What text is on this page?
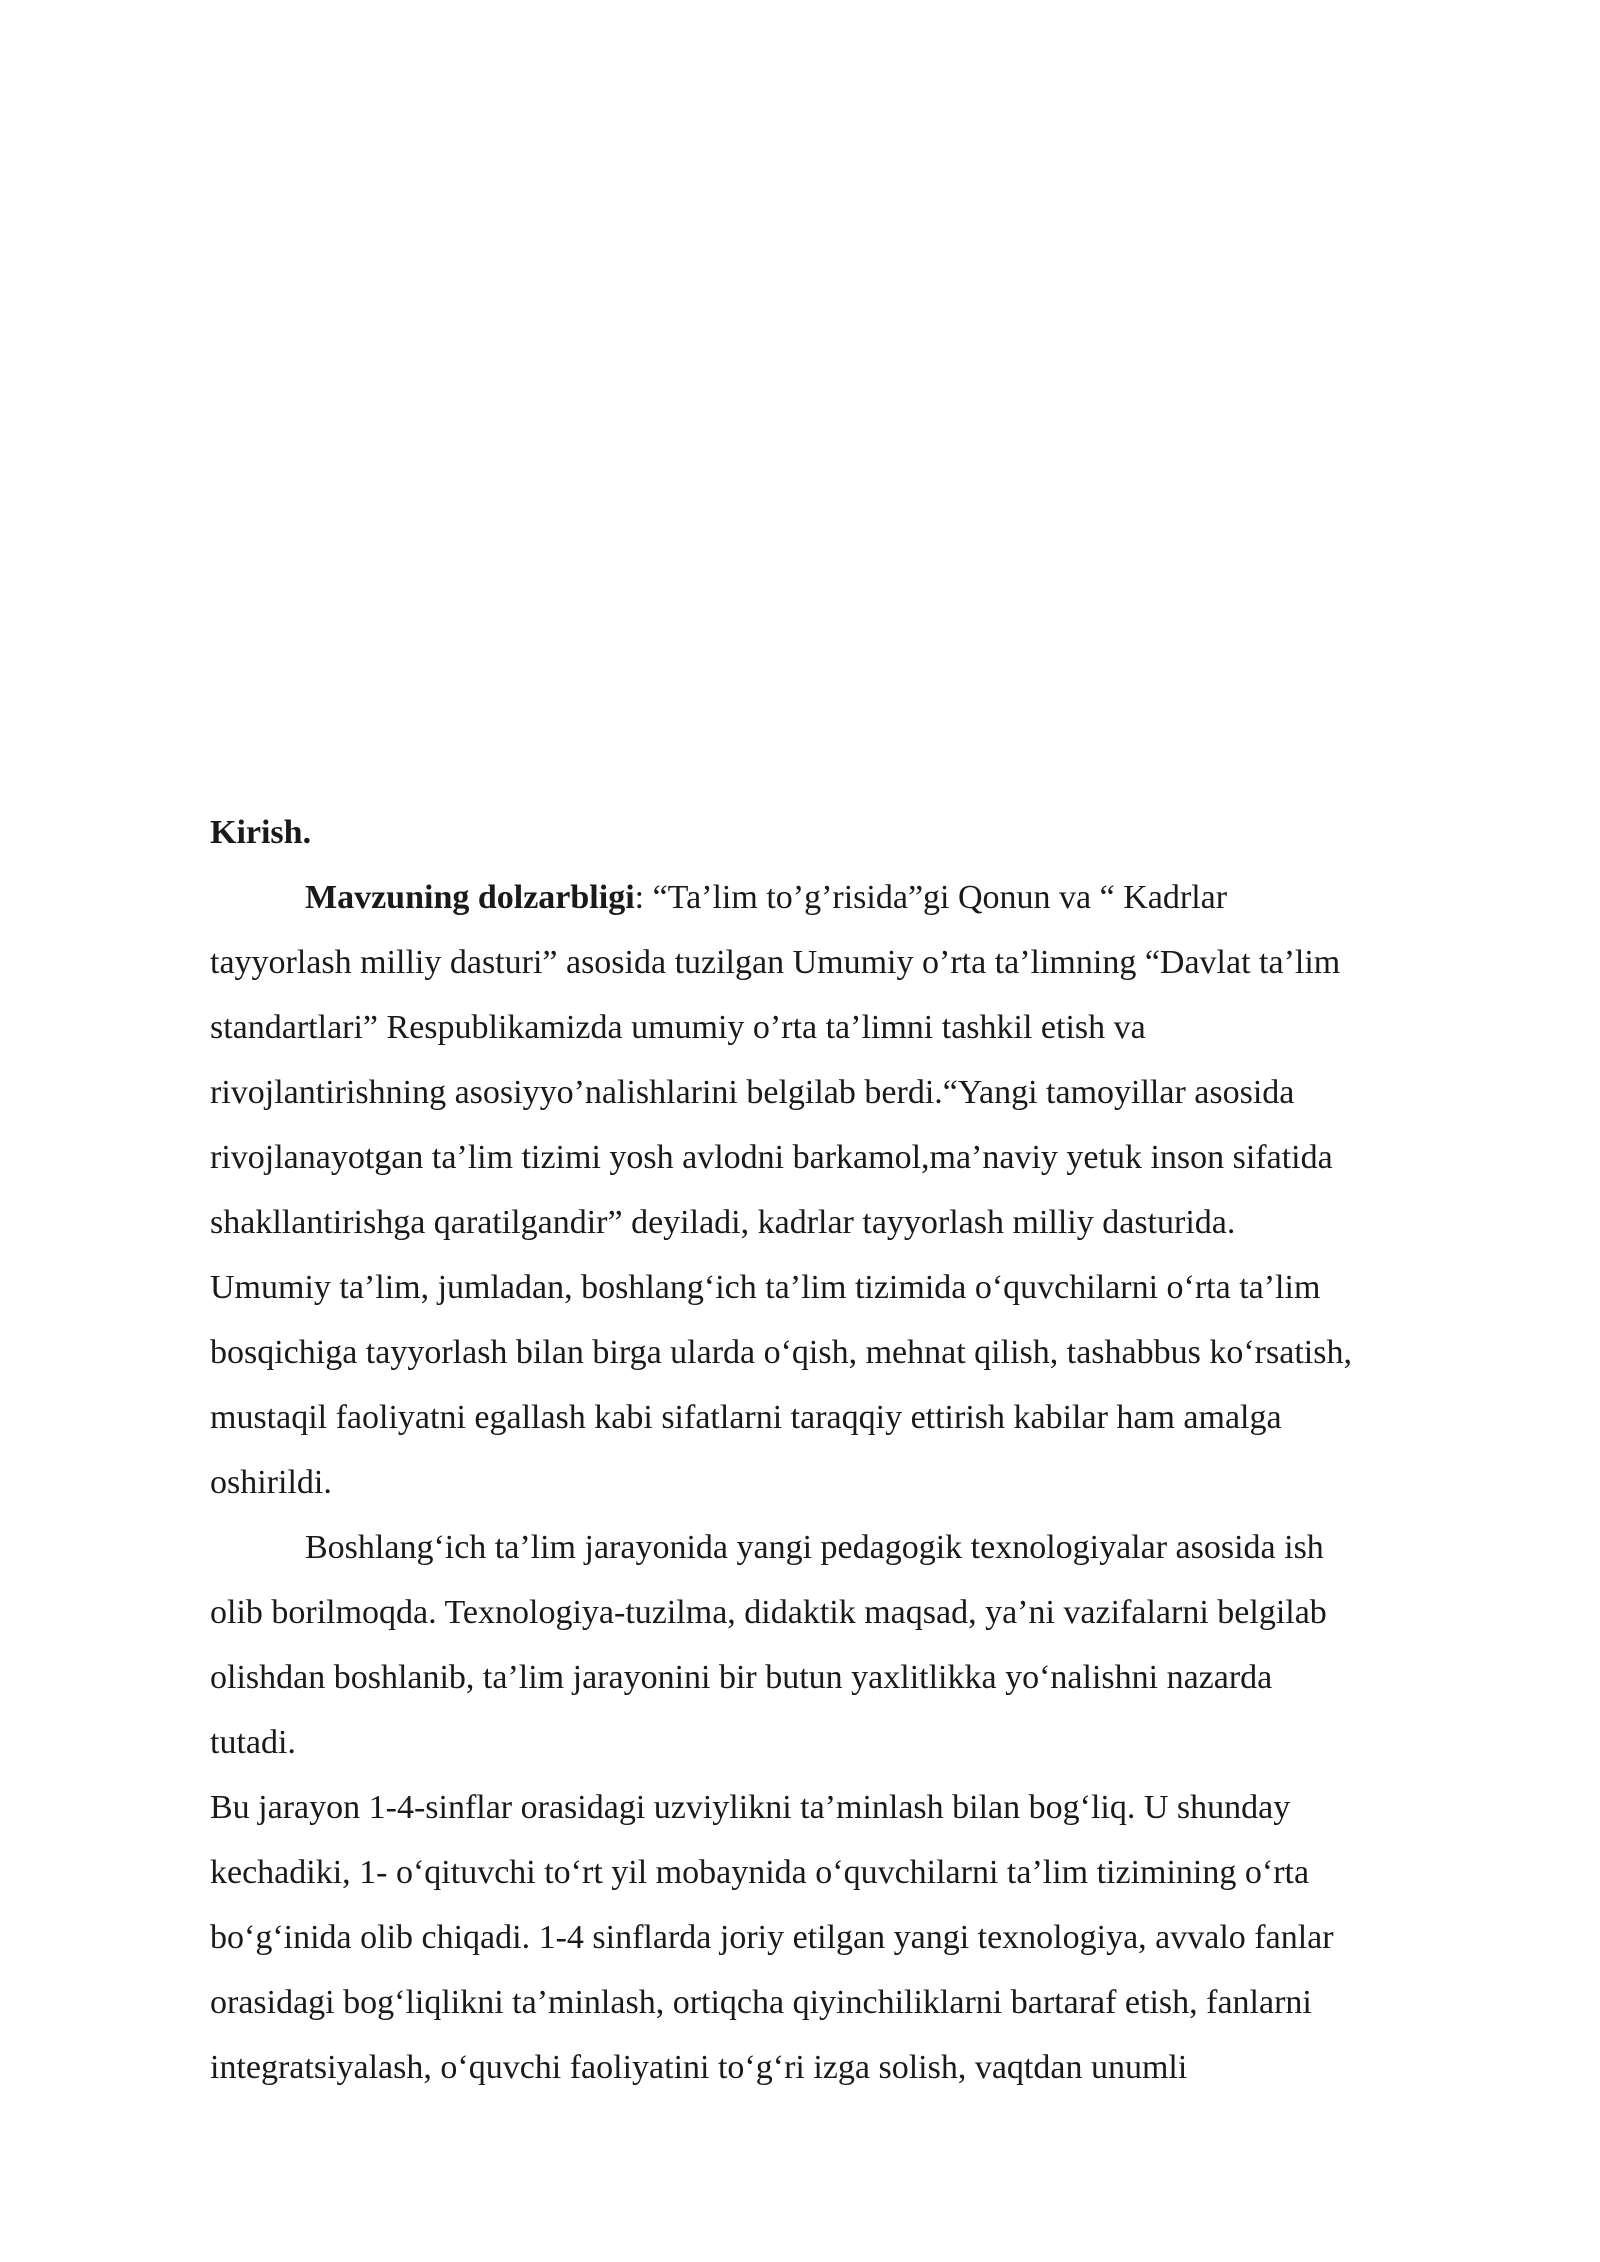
Kirish.
Mavzuning dolzarbligi: “Ta’lim to’g’risida”gi Qonun va “ Kadrlar
tayyorlash milliy dasturi” asosida tuzilgan Umumiy o’rta ta’limning “Davlat ta’lim
standartlari” Respublikamizda umumiy o’rta ta’limni tashkil etish va
rivojlantirishning asosiyyo’nalishlarini belgilab berdi.“Yangi tamoyillar asosida
rivojlanayotgan ta’lim tizimi yosh avlodni barkamol,ma’naviy yetuk inson sifatida
shakllantirishga qaratilgandir” deyiladi, kadrlar tayyorlash milliy dasturida.
Umumiy ta’lim, jumladan, boshlang‘ich ta’lim tizimida o‘quvchilarni o‘rta ta’lim
bosqichiga tayyorlash bilan birga ularda o‘qish, mehnat qilish, tashabbus ko‘rsatish,
mustaqil faoliyatni egallash kabi sifatlarni taraqqiy ettirish kabilar ham amalga
oshirildi.
Boshlang‘ich ta’lim jarayonida yangi pedagogik texnologiyalar asosida ish
olib borilmoqda. Texnologiya-tuzilma, didaktik maqsad, ya’ni vazifalarni belgilab
olishdan boshlanib, ta’lim jarayonini bir butun yaxlitlikka yo‘nalishni nazarda
tutadi.
Bu jarayon 1-4-sinflar orasidagi uzviylikni ta’minlash bilan bog‘liq. U shunday
kechadiki, 1- o‘qituvchi to‘rt yil mobaynida o‘quvchilarni ta’lim tizimining o‘rta
bo‘g‘inida olib chiqadi. 1-4 sinflarda joriy etilgan yangi texnologiya, avvalo fanlar
orasidagi bog‘liqlikni ta’minlash, ortiqcha qiyinchiliklarni bartaraf etish, fanlarni
integratsiyalash, o‘quvchi faoliyatini to‘g‘ri izga solish, vaqtdan unumli
